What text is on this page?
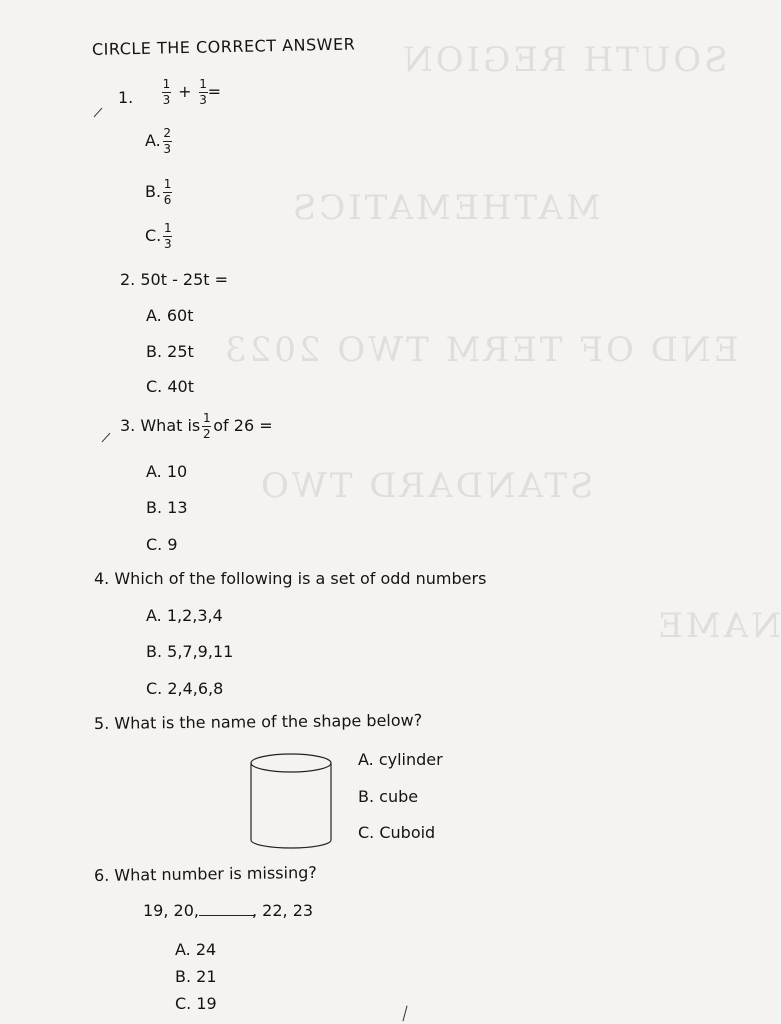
SOUTH REGION
MATHEMATICS
END OF TERM TWO 2023
STANDARD TWO
NAME
CIRCLE THE CORRECT ANSWER
1. $\frac{1}{3} + \frac{1}{3}$ =
A. $\frac{2}{3}$
B. $\frac{1}{6}$
C. $\frac{1}{3}$
2. 50t - 25t =
A. 60t
B. 25t
C. 40t
3. What is $\frac{1}{2}$ of 26 =
A. 10
B. 13
C. 9
4. Which of the following is a set of odd numbers
A. 1,2,3,4
B. 5,7,9,11
C. 2,4,6,8
5. What is the name of the shape below?
A. cylinder
B. cube
C. Cuboid
6. What number is missing?
19, 20,	, 22, 23
A. 24
B. 21
C. 19
